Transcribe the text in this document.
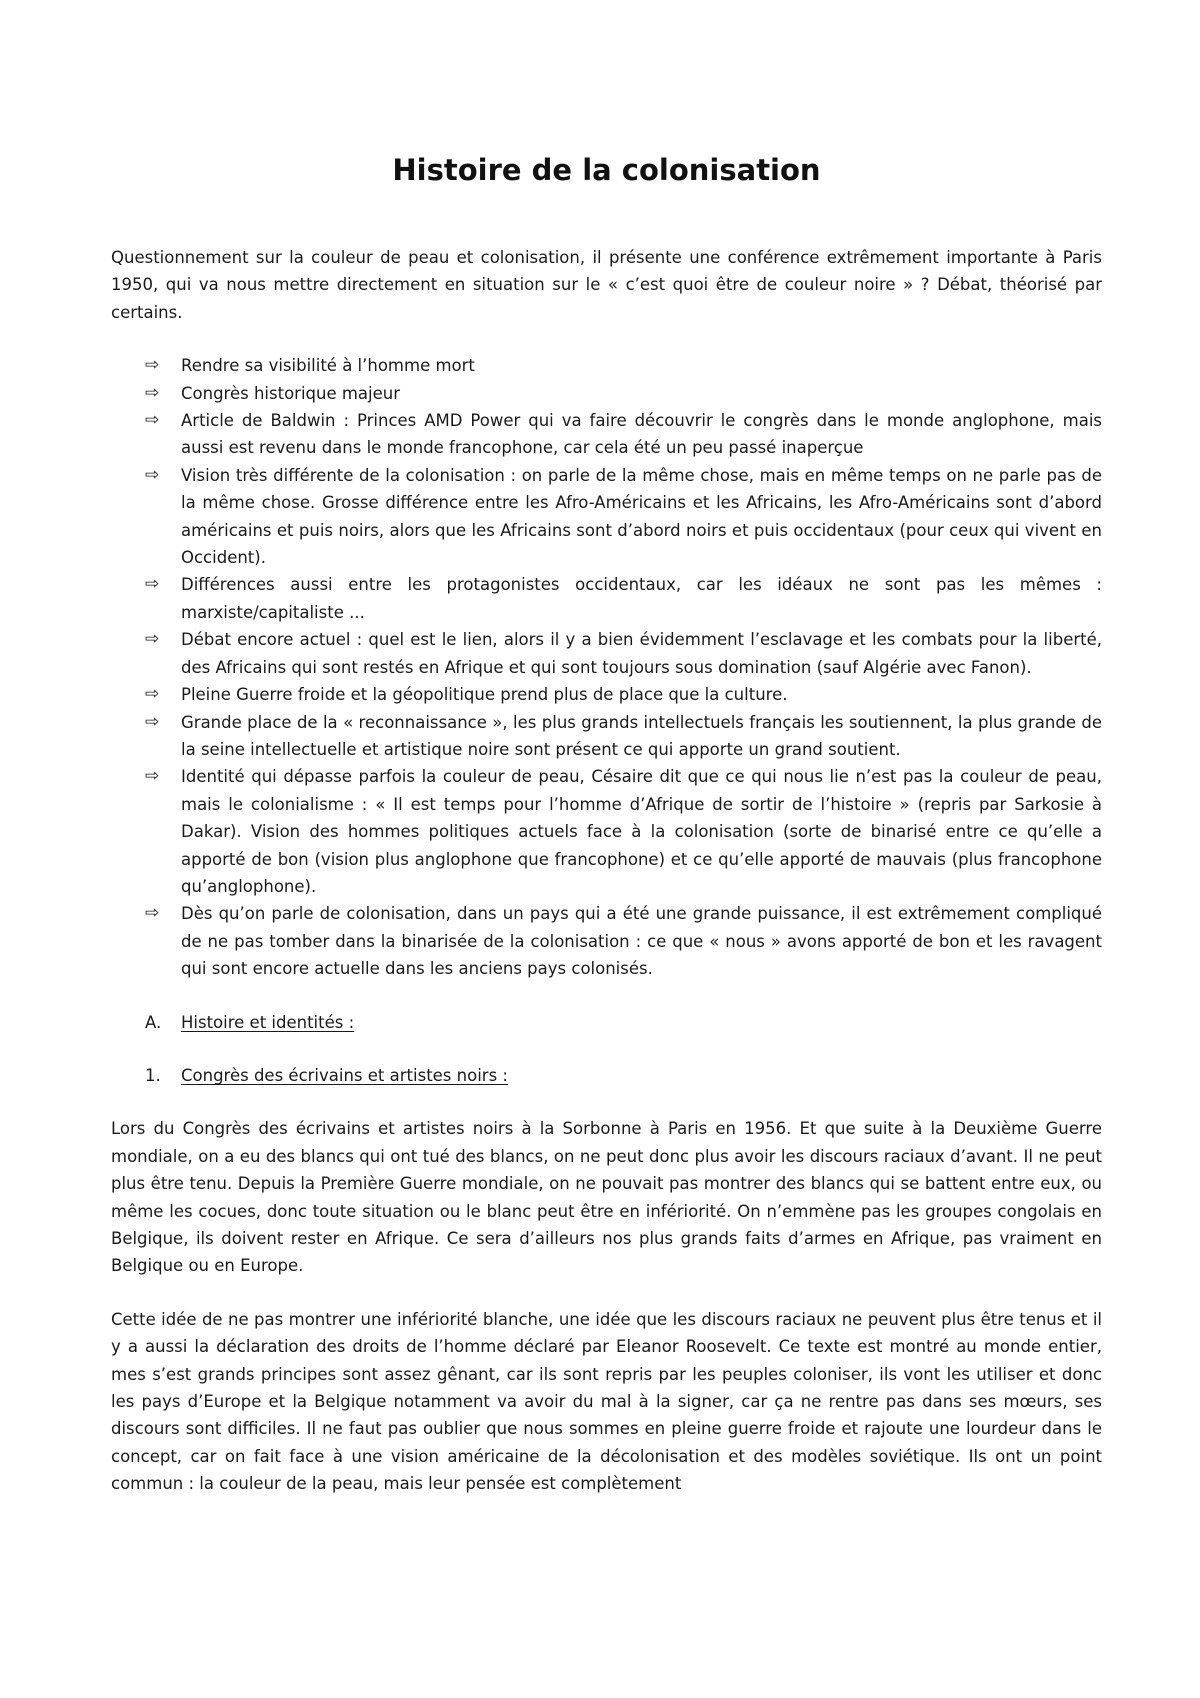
Histoire de la colonisation

Questionnement sur la couleur de peau et colonisation, il présente une conférence extrêmement importante à Paris 1950, qui va nous mettre directement en situation sur le « c’est quoi être de couleur noire » ? Débat, théorisé par certains.

⇨ Rendre sa visibilité à l’homme mort
⇨ Congrès historique majeur
⇨ Article de Baldwin : Princes AMD Power qui va faire découvrir le congrès dans le monde anglophone, mais aussi est revenu dans le monde francophone, car cela été un peu passé inaperçue
⇨ Vision très différente de la colonisation : on parle de la même chose, mais en même temps on ne parle pas de la même chose. Grosse différence entre les Afro-Américains et les Africains, les Afro-Américains sont d’abord américains et puis noirs, alors que les Africains sont d’abord noirs et puis occidentaux (pour ceux qui vivent en Occident).
⇨ Différences aussi entre les protagonistes occidentaux, car les idéaux ne sont pas les mêmes : marxiste/capitaliste ...
⇨ Débat encore actuel : quel est le lien, alors il y a bien évidemment l’esclavage et les combats pour la liberté, des Africains qui sont restés en Afrique et qui sont toujours sous domination (sauf Algérie avec Fanon).
⇨ Pleine Guerre froide et la géopolitique prend plus de place que la culture.
⇨ Grande place de la « reconnaissance », les plus grands intellectuels français les soutiennent, la plus grande de la seine intellectuelle et artistique noire sont présent ce qui apporte un grand soutient.
⇨ Identité qui dépasse parfois la couleur de peau, Césaire dit que ce qui nous lie n’est pas la couleur de peau, mais le colonialisme : « Il est temps pour l’homme d’Afrique de sortir de l’histoire » (repris par Sarkosie à Dakar). Vision des hommes politiques actuels face à la colonisation (sorte de binarisé entre ce qu’elle a apporté de bon (vision plus anglophone que francophone) et ce qu’elle apporté de mauvais (plus francophone qu’anglophone).
⇨ Dès qu’on parle de colonisation, dans un pays qui a été une grande puissance, il est extrêmement compliqué de ne pas tomber dans la binarisée de la colonisation : ce que « nous » avons apporté de bon et les ravagent qui sont encore actuelle dans les anciens pays colonisés.
A. Histoire et identités :
1. Congrès des écrivains et artistes noirs :

Lors du Congrès des écrivains et artistes noirs à la Sorbonne à Paris en 1956. Et que suite à la Deuxième Guerre mondiale, on a eu des blancs qui ont tué des blancs, on ne peut donc plus avoir les discours raciaux d’avant. Il ne peut plus être tenu. Depuis la Première Guerre mondiale, on ne pouvait pas montrer des blancs qui se battent entre eux, ou même les cocues, donc toute situation ou le blanc peut être en infériorité. On n’emmène pas les groupes congolais en Belgique, ils doivent rester en Afrique. Ce sera d’ailleurs nos plus grands faits d’armes en Afrique, pas vraiment en Belgique ou en Europe.

Cette idée de ne pas montrer une infériorité blanche, une idée que les discours raciaux ne peuvent plus être tenus et il y a aussi la déclaration des droits de l’homme déclaré par Eleanor Roosevelt. Ce texte est montré au monde entier, mes s’est grands principes sont assez gênant, car ils sont repris par les peuples coloniser, ils vont les utiliser et donc les pays d’Europe et la Belgique notamment va avoir du mal à la signer, car ça ne rentre pas dans ses mœurs, ses discours sont difficiles. Il ne faut pas oublier que nous sommes en pleine guerre froide et rajoute une lourdeur dans le concept, car on fait face à une vision américaine de la décolonisation et des modèles soviétique. Ils ont un point commun : la couleur de la peau, mais leur pensée est complètement
